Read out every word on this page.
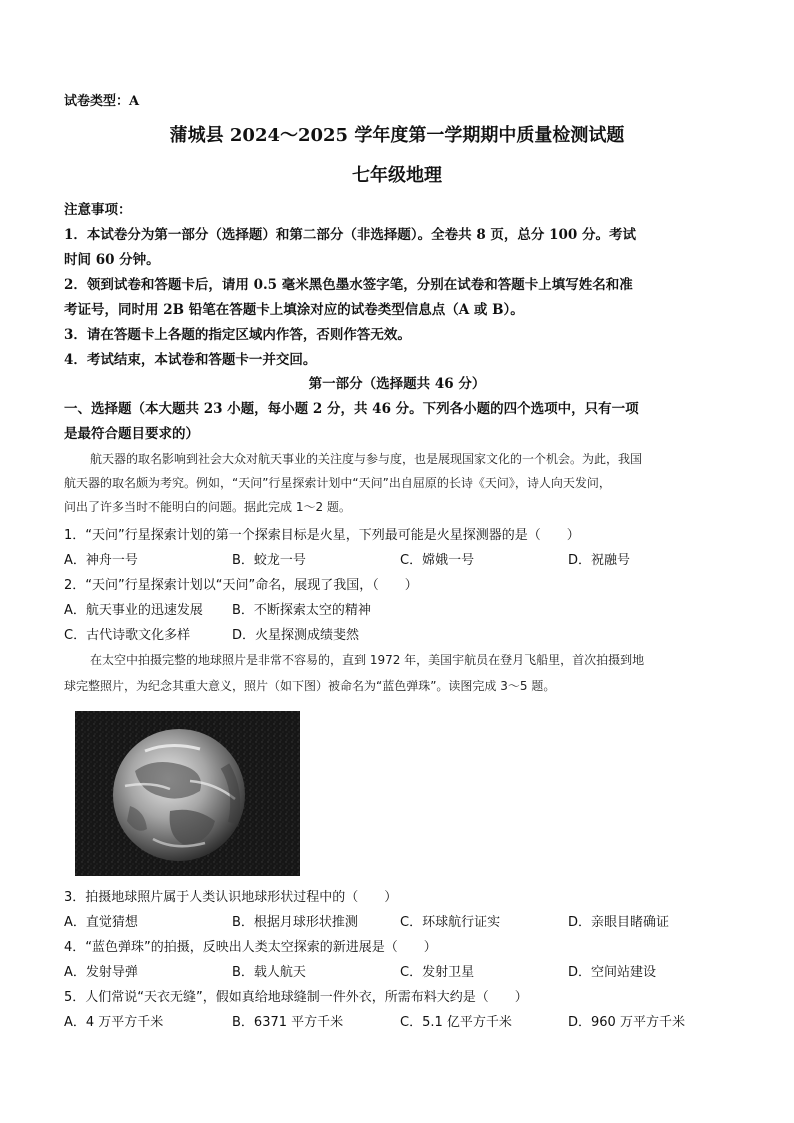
试卷类型：A
蒲城县 2024～2025 学年度第一学期期中质量检测试题
七年级地理
注意事项：
1．本试卷分为第一部分（选择题）和第二部分（非选择题）。全卷共 8 页，总分 100 分。考试
时间 60 分钟。
2．领到试卷和答题卡后，请用 0.5 毫米黑色墨水签字笔，分别在试卷和答题卡上填写姓名和准
考证号，同时用 2B 铅笔在答题卡上填涂对应的试卷类型信息点（A 或 B）。
3．请在答题卡上各题的指定区域内作答，否则作答无效。
4．考试结束，本试卷和答题卡一并交回。
第一部分（选择题共 46 分）
一、选择题（本大题共 23 小题，每小题 2 分，共 46 分。下列各小题的四个选项中，只有一项
是最符合题目要求的）
航天器的取名影响到社会大众对航天事业的关注度与参与度，也是展现国家文化的一个机会。为此，我国
航天器的取名颇为考究。例如，“天问”行星探索计划中“天问”出自屈原的长诗《天问》，诗人向天发问，
问出了许多当时不能明白的问题。据此完成 1～2 题。
1．“天问”行星探索计划的第一个探索目标是火星，下列最可能是火星探测器的是（　　）
A．神舟一号	B．蛟龙一号	C．嫦娥一号	D．祝融号
2．“天问”行星探索计划以“天问”命名，展现了我国，（　　）
A．航天事业的迅速发展 B．不断探索太空的精神
C．古代诗歌文化多样	D．火星探测成绩斐然
在太空中拍摄完整的地球照片是非常不容易的，直到 1972 年，美国宇航员在登月飞船里，首次拍摄到地
球完整照片，为纪念其重大意义，照片（如下图）被命名为“蓝色弹珠”。读图完成 3～5 题。
3．拍摄地球照片属于人类认识地球形状过程中的（　　）
A．直觉猜想	B．根据月球形状推测	C．环球航行证实	D．亲眼目睹确证
4．“蓝色弹珠”的拍摄，反映出人类太空探索的新进展是（　　）
A．发射导弹	B．载人航天	C．发射卫星	D．空间站建设
5．人们常说“天衣无缝”，假如真给地球缝制一件外衣，所需布料大约是（　　）
A．4 万平方千米	B．6371 平方千米	C．5.1 亿平方千米	D．960 万平方千米
